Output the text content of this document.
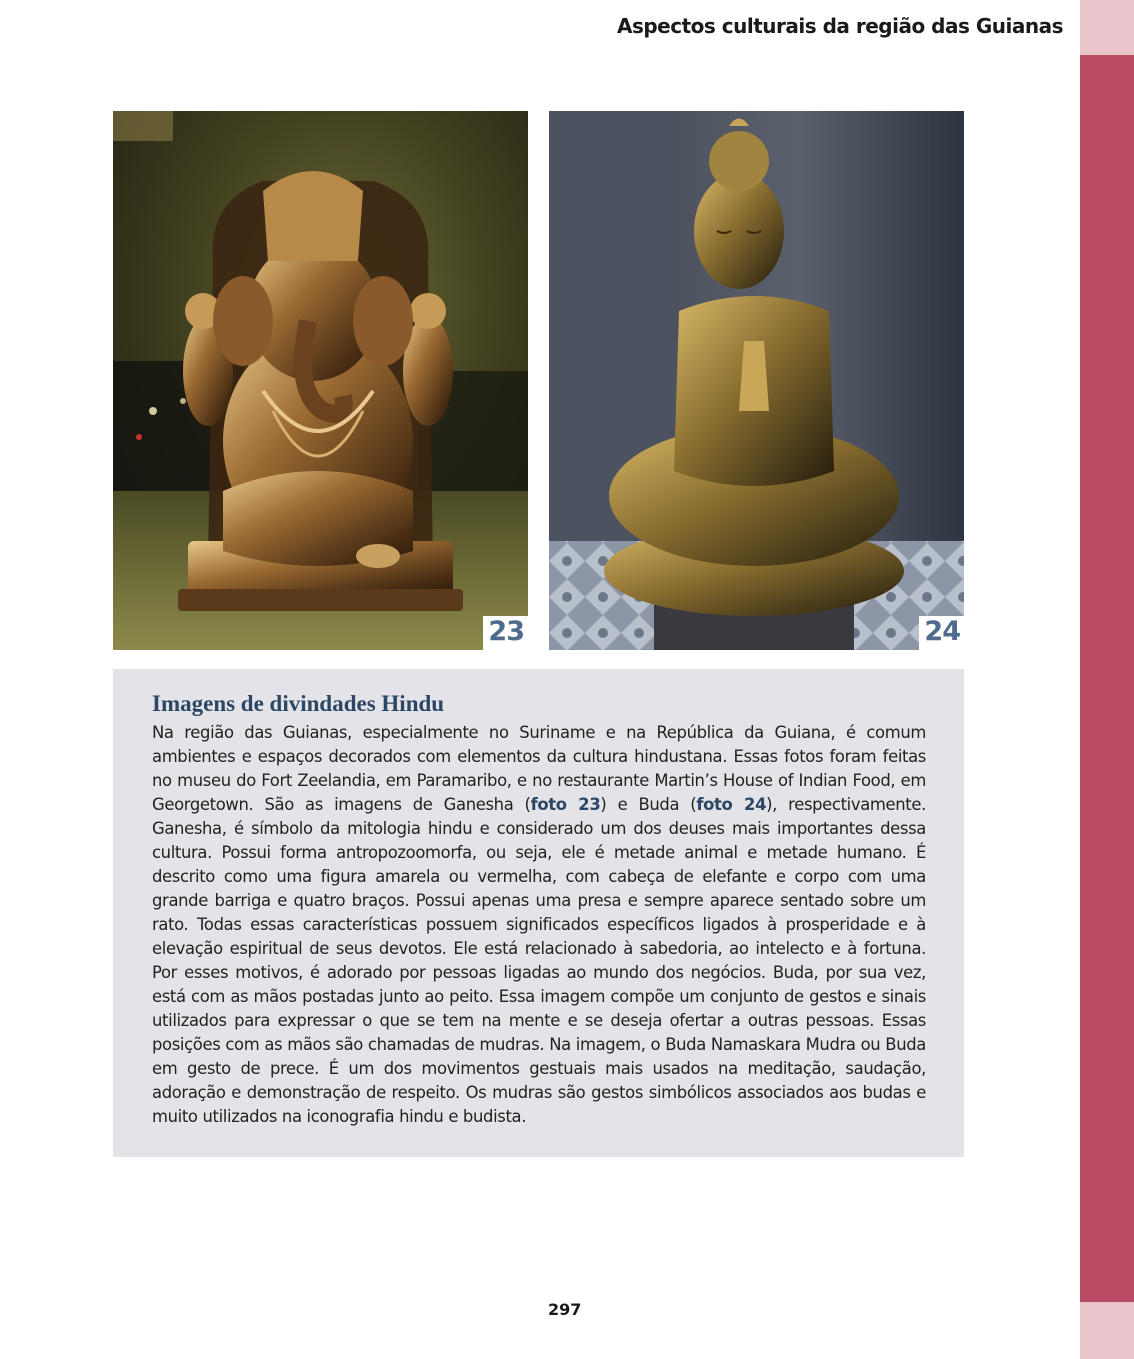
Aspectos culturais da região das Guianas
23	24
Imagens de divindades Hindu
Na região das Guianas, especialmente no Suriname e na República da Guiana, é comum ambientes e espaços decorados com elementos da cultura hindustana. Essas fotos foram feitas no museu do Fort Zeelandia, em Paramaribo, e no restaurante Martin’s House of Indian Food, em Georgetown. São as imagens de Ganesha (foto 23) e Buda (foto 24), respectivamente. Ganesha, é símbolo da mitologia hindu e considerado um dos deuses mais importantes dessa cultura. Possui forma antropozoomorfa, ou seja, ele é metade animal e metade humano. É descrito como uma figura amarela ou vermelha, com cabeça de elefante e corpo com uma grande barriga e quatro braços. Possui apenas uma presa e sempre aparece sentado sobre um rato. Todas essas características possuem significados específicos ligados à prosperidade e à elevação espiritual de seus devotos. Ele está relacionado à sabedoria, ao intelecto e à fortuna. Por esses motivos, é adorado por pessoas ligadas ao mundo dos negócios. Buda, por sua vez, está com as mãos postadas junto ao peito. Essa imagem compõe um conjunto de gestos e sinais utilizados para expressar o que se tem na mente e se deseja ofertar a outras pessoas. Essas posições com as mãos são chamadas de mudras. Na imagem, o Buda Namaskara Mudra ou Buda em gesto de prece. É um dos movimentos gestuais mais usados na meditação, saudação, adoração e demonstração de respeito. Os mudras são gestos simbólicos associados aos budas e muito utilizados na iconografia hindu e budista.
297
